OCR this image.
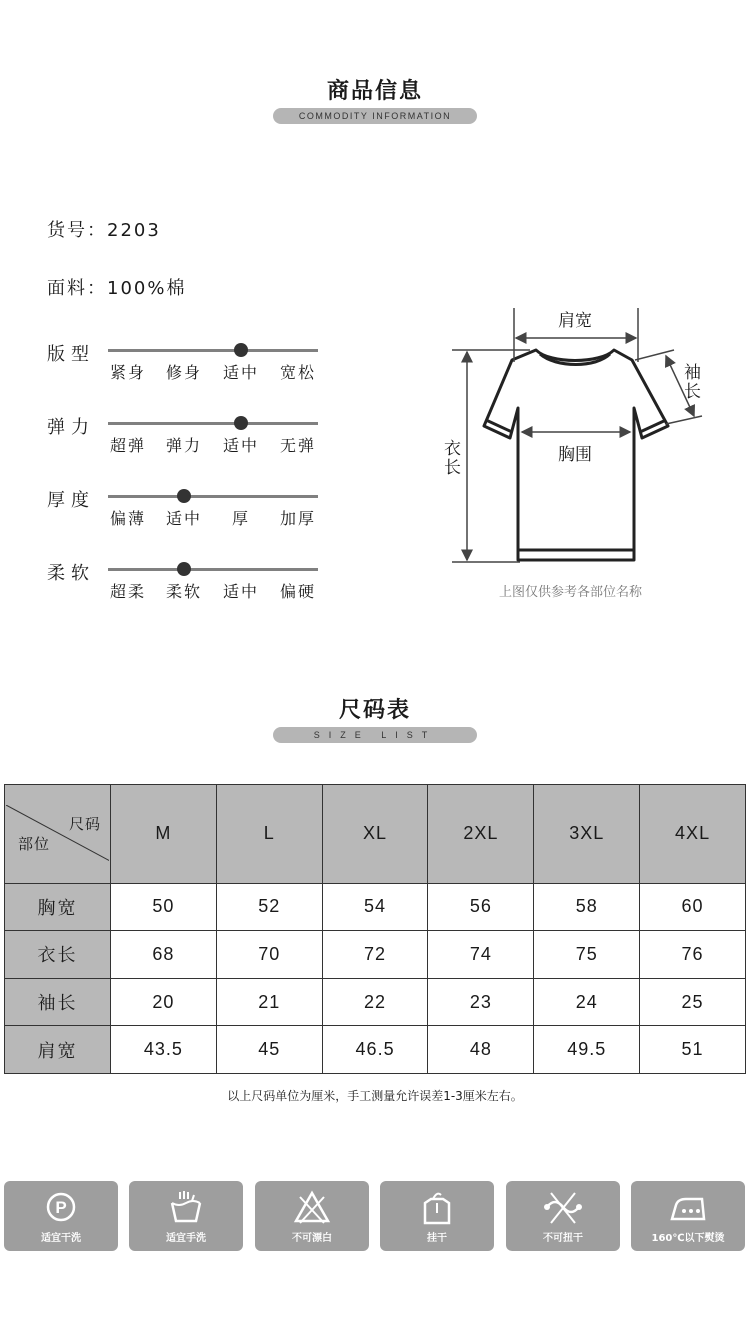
商品信息
COMMODITY INFORMATION
货号：2203
面料：100%棉
版型
紧身	修身	适中	宽松
弹力
超弹	弹力	适中	无弹
厚度
偏薄	适中	厚	加厚
柔软
超柔	柔软	适中	偏硬
肩宽
袖长
胸围
衣长
上图仅供参考各部位名称
尺码表
SIZE LIST
尺码
部位	M	L	XL	2XL	3XL	4XL
胸宽	50	52	54	56	58	60
衣长	68	70	72	74	75	76
袖长	20	21	22	23	24	25
肩宽	43.5	45	46.5	48	49.5	51
以上尺码单位为厘米，手工测量允许误差1-3厘米左右。
P
适宜干洗	适宜手洗	不可漂白	挂干	不可扭干	160℃以下熨烫
